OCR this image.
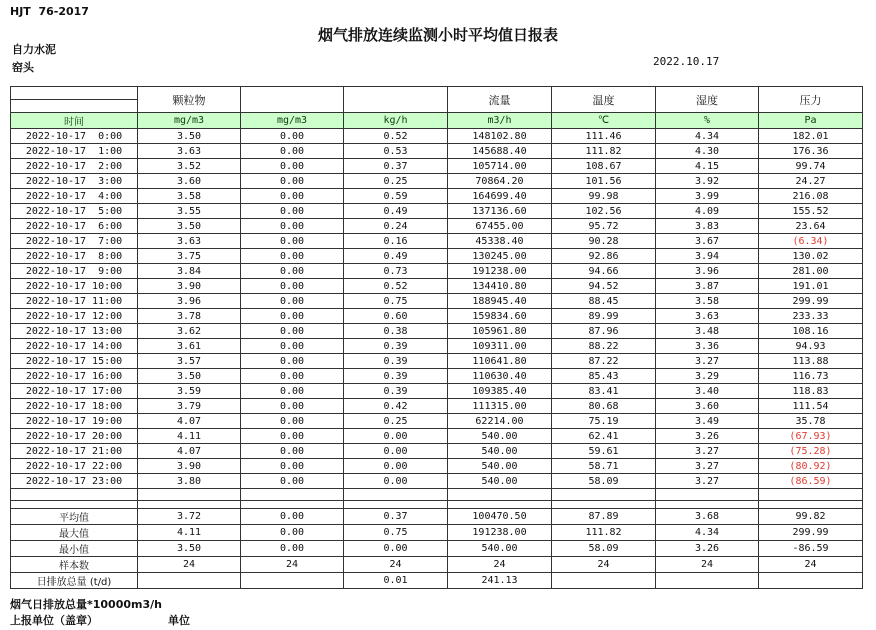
HJT  76-2017
烟气排放连续监测小时平均值日报表
自力水泥
窑头	2022.10.17
	颗粒物			流量	温度	湿度	压力

时间	mg/m3	mg/m3	kg/h	m3/h	℃	%	Pa
2022-10-17  0:00	3.50	0.00	0.52	148102.80	111.46	4.34	182.01
2022-10-17  1:00	3.63	0.00	0.53	145688.40	111.82	4.30	176.36
2022-10-17  2:00	3.52	0.00	0.37	105714.00	108.67	4.15	99.74
2022-10-17  3:00	3.60	0.00	0.25	70864.20	101.56	3.92	24.27
2022-10-17  4:00	3.58	0.00	0.59	164699.40	99.98	3.99	216.08
2022-10-17  5:00	3.55	0.00	0.49	137136.60	102.56	4.09	155.52
2022-10-17  6:00	3.50	0.00	0.24	67455.00	95.72	3.83	23.64
2022-10-17  7:00	3.63	0.00	0.16	45338.40	90.28	3.67	(6.34)
2022-10-17  8:00	3.75	0.00	0.49	130245.00	92.86	3.94	130.02
2022-10-17  9:00	3.84	0.00	0.73	191238.00	94.66	3.96	281.00
2022-10-17 10:00	3.90	0.00	0.52	134410.80	94.52	3.87	191.01
2022-10-17 11:00	3.96	0.00	0.75	188945.40	88.45	3.58	299.99
2022-10-17 12:00	3.78	0.00	0.60	159834.60	89.99	3.63	233.33
2022-10-17 13:00	3.62	0.00	0.38	105961.80	87.96	3.48	108.16
2022-10-17 14:00	3.61	0.00	0.39	109311.00	88.22	3.36	94.93
2022-10-17 15:00	3.57	0.00	0.39	110641.80	87.22	3.27	113.88
2022-10-17 16:00	3.50	0.00	0.39	110630.40	85.43	3.29	116.73
2022-10-17 17:00	3.59	0.00	0.39	109385.40	83.41	3.40	118.83
2022-10-17 18:00	3.79	0.00	0.42	111315.00	80.68	3.60	111.54
2022-10-17 19:00	4.07	0.00	0.25	62214.00	75.19	3.49	35.78
2022-10-17 20:00	4.11	0.00	0.00	540.00	62.41	3.26	(67.93)
2022-10-17 21:00	4.07	0.00	0.00	540.00	59.61	3.27	(75.28)
2022-10-17 22:00	3.90	0.00	0.00	540.00	58.71	3.27	(80.92)
2022-10-17 23:00	3.80	0.00	0.00	540.00	58.09	3.27	(86.59)

平均值	3.72	0.00	0.37	100470.50	87.89	3.68	99.82
最大值	4.11	0.00	0.75	191238.00	111.82	4.34	299.99
最小值	3.50	0.00	0.00	540.00	58.09	3.26	-86.59
样本数	24	24	24	24	24	24	24
日排放总量 (t/d)			0.01	241.13			
烟气日排放总量*10000m3/h
上报单位（盖章）	单位
